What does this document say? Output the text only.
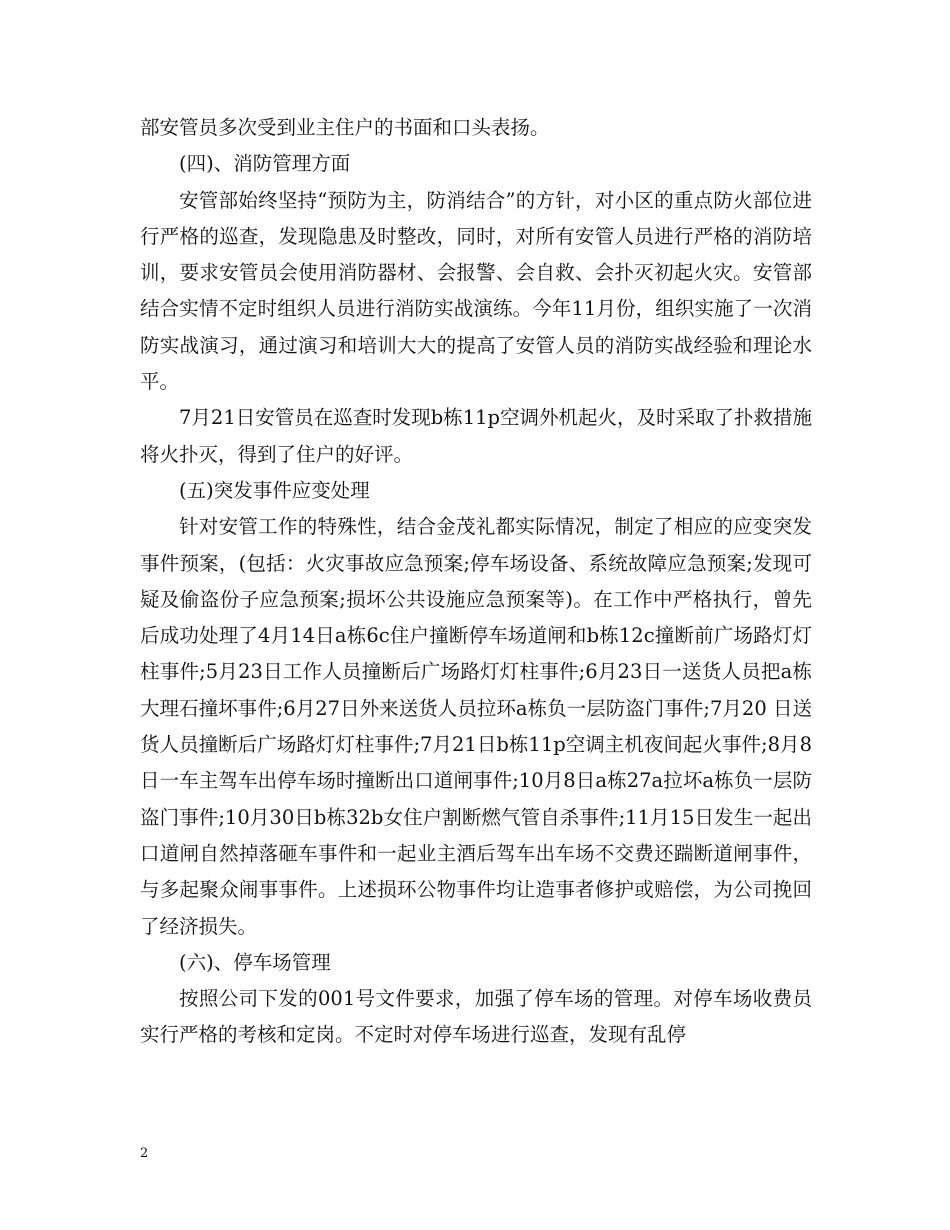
部安管员多次受到业主住户的书面和口头表扬。

(四)、消防管理方面

安管部始终坚持“预防为主，防消结合”的方针，对小区的重点防火部位进行严格的巡查，发现隐患及时整改，同时，对所有安管人员进行严格的消防培训，要求安管员会使用消防器材、会报警、会自救、会扑灭初起火灾。安管部结合实情不定时组织人员进行消防实战演练。今年11月份，组织实施了一次消防实战演习，通过演习和培训大大的提高了安管人员的消防实战经验和理论水平。

7月21日安管员在巡查时发现b栋11p空调外机起火，及时采取了扑救措施将火扑灭，得到了住户的好评。

(五)突发事件应变处理

针对安管工作的特殊性，结合金茂礼都实际情况，制定了相应的应变突发事件预案，(包括：火灾事故应急预案;停车场设备、系统故障应急预案;发现可疑及偷盗份子应急预案;损坏公共设施应急预案等)。在工作中严格执行，曾先后成功处理了4月14日a栋6c住户撞断停车场道闸和b栋12c撞断前广场路灯灯柱事件;5月23日工作人员撞断后广场路灯灯柱事件;6月23日一送货人员把a栋大理石撞坏事件;6月27日外来送货人员拉环a栋负一层防盗门事件;7月20 日送货人员撞断后广场路灯灯柱事件;7月21日b栋11p空调主机夜间起火事件;8月8日一车主驾车出停车场时撞断出口道闸事件;10月8日a栋27a拉坏a栋负一层防盗门事件;10月30日b栋32b女住户割断燃气管自杀事件;11月15日发生一起出口道闸自然掉落砸车事件和一起业主酒后驾车出车场不交费还踹断道闸事件，与多起聚众闹事事件。上述损环公物事件均让造事者修护或赔偿，为公司挽回了经济损失。

(六)、停车场管理

按照公司下发的001号文件要求，加强了停车场的管理。对停车场收费员实行严格的考核和定岗。不定时对停车场进行巡查，发现有乱停

2
